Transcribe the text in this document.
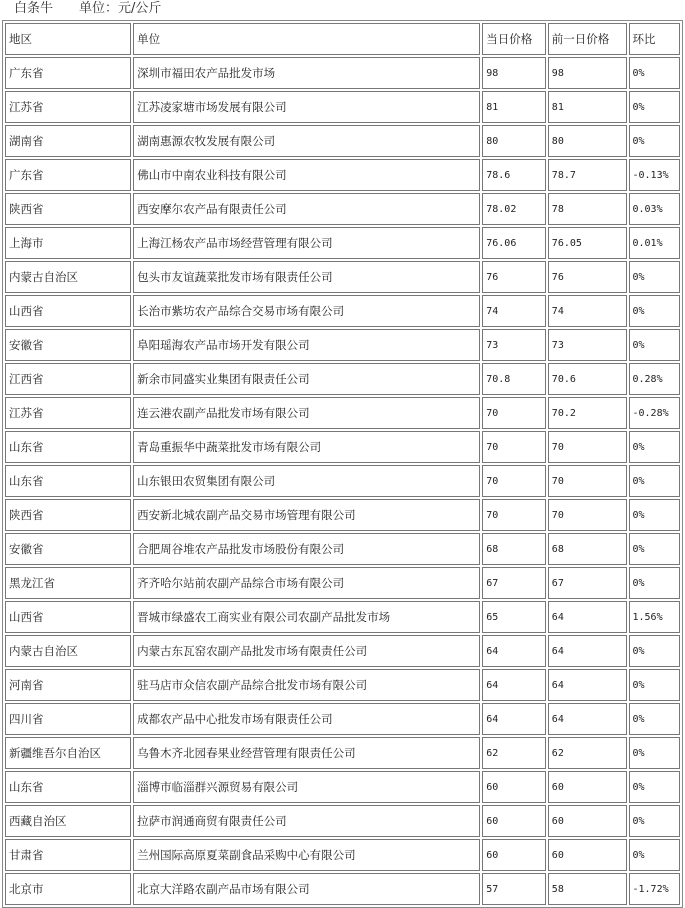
白条牛 单位：元/公斤
地区	单位	当日价格	前一日价格	环比
广东省	深圳市福田农产品批发市场	98	98	0%
江苏省	江苏凌家塘市场发展有限公司	81	81	0%
湖南省	湖南惠源农牧发展有限公司	80	80	0%
广东省	佛山市中南农业科技有限公司	78.6	78.7	-0.13%
陕西省	西安摩尔农产品有限责任公司	78.02	78	0.03%
上海市	上海江杨农产品市场经营管理有限公司	76.06	76.05	0.01%
内蒙古自治区	包头市友谊蔬菜批发市场有限责任公司	76	76	0%
山西省	长治市紫坊农产品综合交易市场有限公司	74	74	0%
安徽省	阜阳瑶海农产品市场开发有限公司	73	73	0%
江西省	新余市同盛实业集团有限责任公司	70.8	70.6	0.28%
江苏省	连云港农副产品批发市场有限公司	70	70.2	-0.28%
山东省	青岛重振华中蔬菜批发市场有限公司	70	70	0%
山东省	山东银田农贸集团有限公司	70	70	0%
陕西省	西安新北城农副产品交易市场管理有限公司	70	70	0%
安徽省	合肥周谷堆农产品批发市场股份有限公司	68	68	0%
黑龙江省	齐齐哈尔站前农副产品综合市场有限公司	67	67	0%
山西省	晋城市绿盛农工商实业有限公司农副产品批发市场	65	64	1.56%
内蒙古自治区	内蒙古东瓦窑农副产品批发市场有限责任公司	64	64	0%
河南省	驻马店市众信农副产品综合批发市场有限公司	64	64	0%
四川省	成都农产品中心批发市场有限责任公司	64	64	0%
新疆维吾尔自治区	乌鲁木齐北园春果业经营管理有限责任公司	62	62	0%
山东省	淄博市临淄群兴源贸易有限公司	60	60	0%
西藏自治区	拉萨市润通商贸有限责任公司	60	60	0%
甘肃省	兰州国际高原夏菜副食品采购中心有限公司	60	60	0%
北京市	北京大洋路农副产品市场有限公司	57	58	-1.72%
